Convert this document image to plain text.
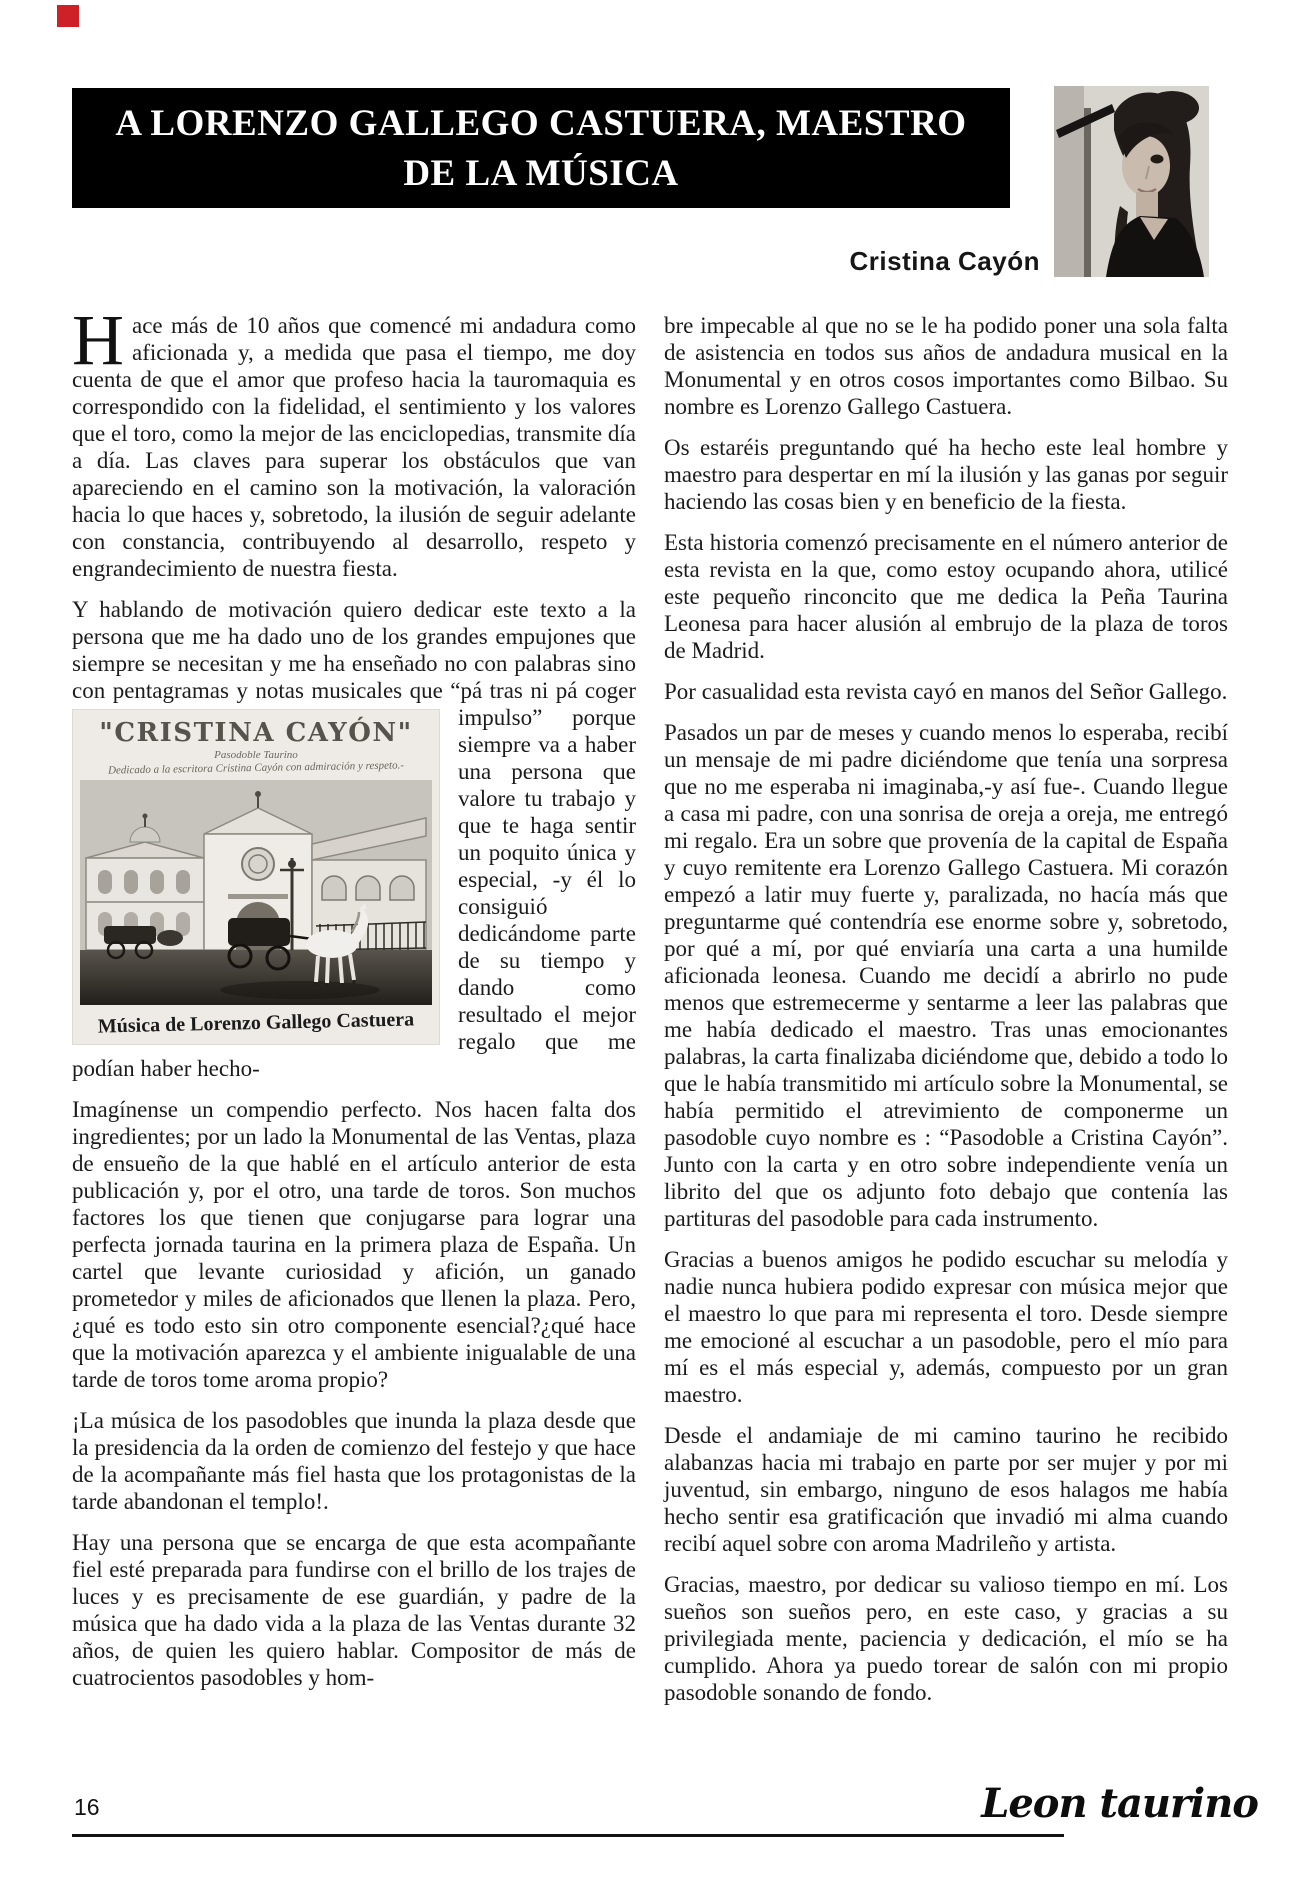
A LORENZO GALLEGO CASTUERA, MAESTRO
DE LA MÚSICA
Cristina Cayón
Hace más de 10 años que comencé mi andadura como aficionada y, a medida que pasa el tiempo, me doy cuenta de que el amor que profeso hacia la tauromaquia es correspondido con la fidelidad, el sentimiento y los valores que el toro, como la mejor de las enciclopedias, transmite día a día. Las claves para superar los obstáculos que van apareciendo en el camino son la motivación, la valoración hacia lo que haces y, sobretodo, la ilusión de seguir adelante con constancia, contribuyendo al desarrollo, respeto y engrandecimiento de nuestra fiesta.
Y hablando de motivación quiero dedicar este texto a la persona que me ha dado uno de los grandes empujones que siempre se necesitan y me ha enseñado no con palabras sino con pentagramas y notas musicales que “pá
"CRISTINA CAYÓN"
Pasodoble Taurino
Dedicado a la escritora Cristina Cayón con admiración y respeto.-
Música de Lorenzo Gallego Castuera
tras ni pá coger impulso” porque siempre va a haber una persona que valore tu trabajo y que te haga sentir un poquito única y especial, -y él lo consiguió dedicándome parte de su tiempo y dando como resultado el mejor regalo que me podían haber hecho-
Imagínense un compendio perfecto. Nos hacen falta dos ingredientes; por un lado la Monumental de las Ventas, plaza de ensueño de la que hablé en el artículo anterior de esta publicación y, por el otro, una tarde de toros. Son muchos factores los que tienen que conjugarse para lograr una perfecta jornada taurina en la primera plaza de España. Un cartel que levante curiosidad y afición, un ganado prometedor y miles de aficionados que llenen la plaza. Pero, ¿qué es todo esto sin otro componente esencial?¿qué hace que la motivación aparezca y el ambiente inigualable de una tarde de toros tome aroma propio?
¡La música de los pasodobles que inunda la plaza desde que la presidencia da la orden de comienzo del festejo y que hace de la acompañante más fiel hasta que los protagonistas de la tarde abandonan el templo!.
Hay una persona que se encarga de que esta acompañante fiel esté preparada para fundirse con el brillo de los trajes de luces y es precisamente de ese guardián, y padre de la música que ha dado vida a la plaza de las Ventas durante 32 años, de quien les quiero hablar. Compositor de más de cuatrocientos pasodobles y hom-
bre impecable al que no se le ha podido poner una sola falta de asistencia en todos sus años de andadura musical en la Monumental y en otros cosos importantes como Bilbao. Su nombre es Lorenzo Gallego Castuera.
Os estaréis preguntando qué ha hecho este leal hombre y maestro para despertar en mí la ilusión y las ganas por seguir haciendo las cosas bien y en beneficio de la fiesta.
Esta historia comenzó precisamente en el número anterior de esta revista en la que, como estoy ocupando ahora, utilicé este pequeño rinconcito que me dedica la Peña Taurina Leonesa para hacer alusión al embrujo de la plaza de toros de Madrid.
Por casualidad esta revista cayó en manos del Señor Gallego.
Pasados un par de meses y cuando menos lo esperaba, recibí un mensaje de mi padre diciéndome que tenía una sorpresa que no me esperaba ni imaginaba,-y así fue-. Cuando llegue a casa mi padre, con una sonrisa de oreja a oreja, me entregó mi regalo. Era un sobre que provenía de la capital de España y cuyo remitente era Lorenzo Gallego Castuera. Mi corazón empezó a latir muy fuerte y, paralizada, no hacía más que preguntarme qué contendría ese enorme sobre y, sobretodo, por qué a mí, por qué enviaría una carta a una humilde aficionada leonesa. Cuando me decidí a abrirlo no pude menos que estremecerme y sentarme a leer las palabras que me había dedicado el maestro. Tras unas emocionantes palabras, la carta finalizaba diciéndome que, debido a todo lo que le había transmitido mi artículo sobre la Monumental, se había permitido el atrevimiento de componerme un pasodoble cuyo nombre es : “Pasodoble a Cristina Cayón”. Junto con la carta y en otro sobre independiente venía un librito del que os adjunto foto debajo que contenía las partituras del pasodoble para cada instrumento.
Gracias a buenos amigos he podido escuchar su melodía y nadie nunca hubiera podido expresar con música mejor que el maestro lo que para mi representa el toro. Desde siempre me emocioné al escuchar a un pasodoble, pero el mío para mí es el más especial y, además, compuesto por un gran maestro.
Desde el andamiaje de mi camino taurino he recibido alabanzas hacia mi trabajo en parte por ser mujer y por mi juventud, sin embargo, ninguno de esos halagos me había hecho sentir esa gratificación que invadió mi alma cuando recibí aquel sobre con aroma Madrileño y artista.
Gracias, maestro, por dedicar su valioso tiempo en mí. Los sueños son sueños pero, en este caso, y gracias a su privilegiada mente, paciencia y dedicación, el mío se ha cumplido. Ahora ya puedo torear de salón con mi propio pasodoble sonando de fondo.
16	Leon taurino
